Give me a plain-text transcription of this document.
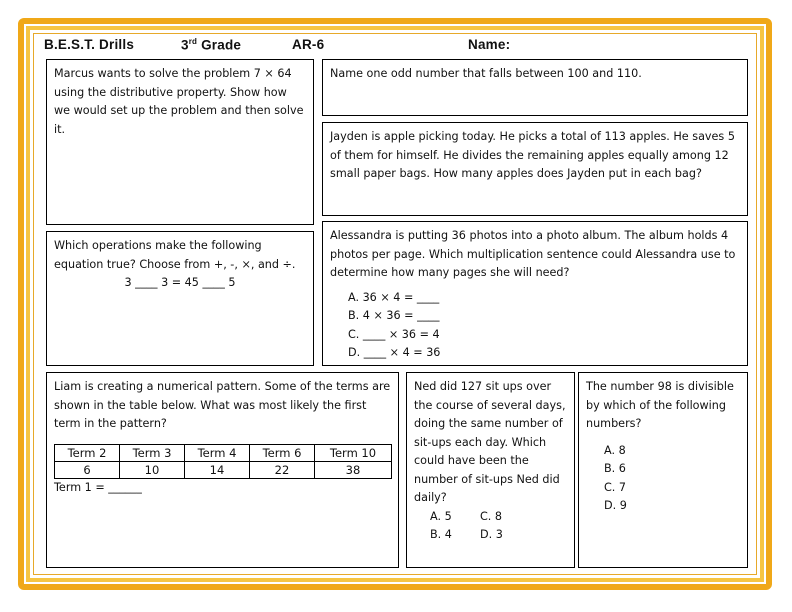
B.E.S.T. Drills	3rd Grade	AR-6	Name:

Marcus wants to solve the problem 7 × 64 using the distributive property. Show how we would set up the problem and then solve it.

Name one odd number that falls between 100 and 110.

Jayden is apple picking today. He picks a total of 113 apples. He saves 5 of them for himself. He divides the remaining apples equally among 12 small paper bags. How many apples does Jayden put in each bag?

Which operations make the following equation true? Choose from +, -, ×, and ÷.

3 ____ 3 = 45 ____ 5

Alessandra is putting 36 photos into a photo album. The album holds 4 photos per page. Which multiplication sentence could Alessandra use to determine how many pages she will need?

A. 36 × 4 = ____
B. 4 × 36 = ____
C. ____ × 36 = 4
D. ____ × 4 = 36

Liam is creating a numerical pattern. Some of the terms are shown in the table below. What was most likely the first term in the pattern?

Term 2	Term 3	Term 4	Term 6	Term 10
6	10	14	22	38

Term 1 = ______

Ned did 127 sit ups over the course of several days, doing the same number of sit-ups each day. Which could have been the number of sit-ups Ned did daily?

A. 5
B. 4
C. 8
D. 3

The number 98 is divisible by which of the following numbers?

A. 8
B. 6
C. 7
D. 9
